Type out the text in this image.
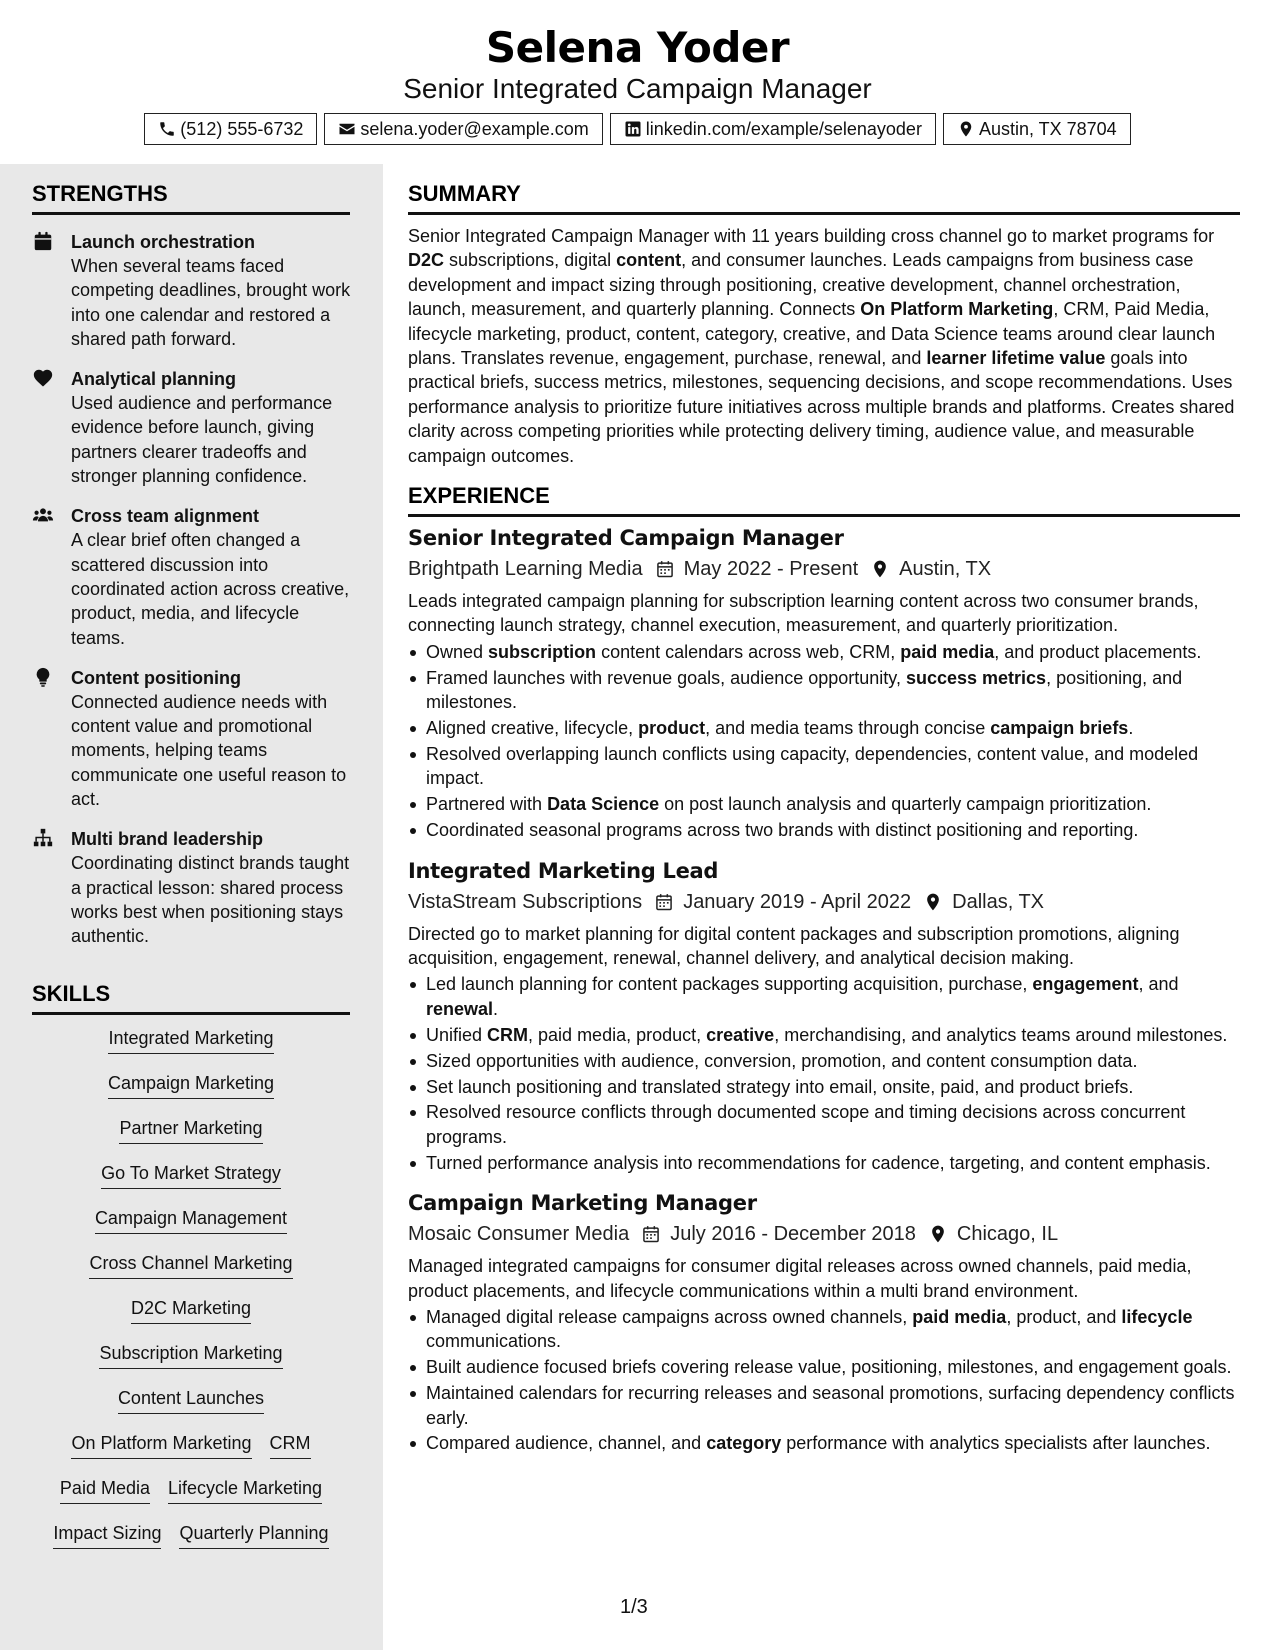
Selena Yoder
Senior Integrated Campaign Manager
(512) 555-6732	selena.yoder@example.com	linkedin.com/example/selenayoder	Austin, TX 78704
STRENGTHS
Launch orchestration
When several teams faced competing deadlines, brought work into one calendar and restored a shared path forward.
Analytical planning
Used audience and performance evidence before launch, giving partners clearer tradeoffs and stronger planning confidence.
Cross team alignment
A clear brief often changed a scattered discussion into coordinated action across creative, product, media, and lifecycle teams.
Content positioning
Connected audience needs with content value and promotional moments, helping teams communicate one useful reason to act.
Multi brand leadership
Coordinating distinct brands taught a practical lesson: shared process works best when positioning stays authentic.
SKILLS
Integrated Marketing
Campaign Marketing
Partner Marketing
Go To Market Strategy
Campaign Management
Cross Channel Marketing
D2C Marketing
Subscription Marketing
Content Launches
On Platform Marketing CRM
Paid Media Lifecycle Marketing
Impact Sizing Quarterly Planning
SUMMARY
Senior Integrated Campaign Manager with 11 years building cross channel go to market programs for D2C subscriptions, digital content, and consumer launches. Leads campaigns from business case development and impact sizing through positioning, creative development, channel orchestration, launch, measurement, and quarterly planning. Connects On Platform Marketing, CRM, Paid Media, lifecycle marketing, product, content, category, creative, and Data Science teams around clear launch plans. Translates revenue, engagement, purchase, renewal, and learner lifetime value goals into practical briefs, success metrics, milestones, sequencing decisions, and scope recommendations. Uses performance analysis to prioritize future initiatives across multiple brands and platforms. Creates shared clarity across competing priorities while protecting delivery timing, audience value, and measurable campaign outcomes.
EXPERIENCE
Senior Integrated Campaign Manager
Brightpath Learning Media May 2022 - Present Austin, TX
Leads integrated campaign planning for subscription learning content across two consumer brands, connecting launch strategy, channel execution, measurement, and quarterly prioritization.
Owned subscription content calendars across web, CRM, paid media, and product placements.
Framed launches with revenue goals, audience opportunity, success metrics, positioning, and milestones.
Aligned creative, lifecycle, product, and media teams through concise campaign briefs.
Resolved overlapping launch conflicts using capacity, dependencies, content value, and modeled impact.
Partnered with Data Science on post launch analysis and quarterly campaign prioritization.
Coordinated seasonal programs across two brands with distinct positioning and reporting.
Integrated Marketing Lead
VistaStream Subscriptions January 2019 - April 2022 Dallas, TX
Directed go to market planning for digital content packages and subscription promotions, aligning acquisition, engagement, renewal, channel delivery, and analytical decision making.
Led launch planning for content packages supporting acquisition, purchase, engagement, and renewal.
Unified CRM, paid media, product, creative, merchandising, and analytics teams around milestones.
Sized opportunities with audience, conversion, promotion, and content consumption data.
Set launch positioning and translated strategy into email, onsite, paid, and product briefs.
Resolved resource conflicts through documented scope and timing decisions across concurrent programs.
Turned performance analysis into recommendations for cadence, targeting, and content emphasis.
Campaign Marketing Manager
Mosaic Consumer Media July 2016 - December 2018 Chicago, IL
Managed integrated campaigns for consumer digital releases across owned channels, paid media, product placements, and lifecycle communications within a multi brand environment.
Managed digital release campaigns across owned channels, paid media, product, and lifecycle communications.
Built audience focused briefs covering release value, positioning, milestones, and engagement goals.
Maintained calendars for recurring releases and seasonal promotions, surfacing dependency conflicts early.
Compared audience, channel, and category performance with analytics specialists after launches.
1/3
